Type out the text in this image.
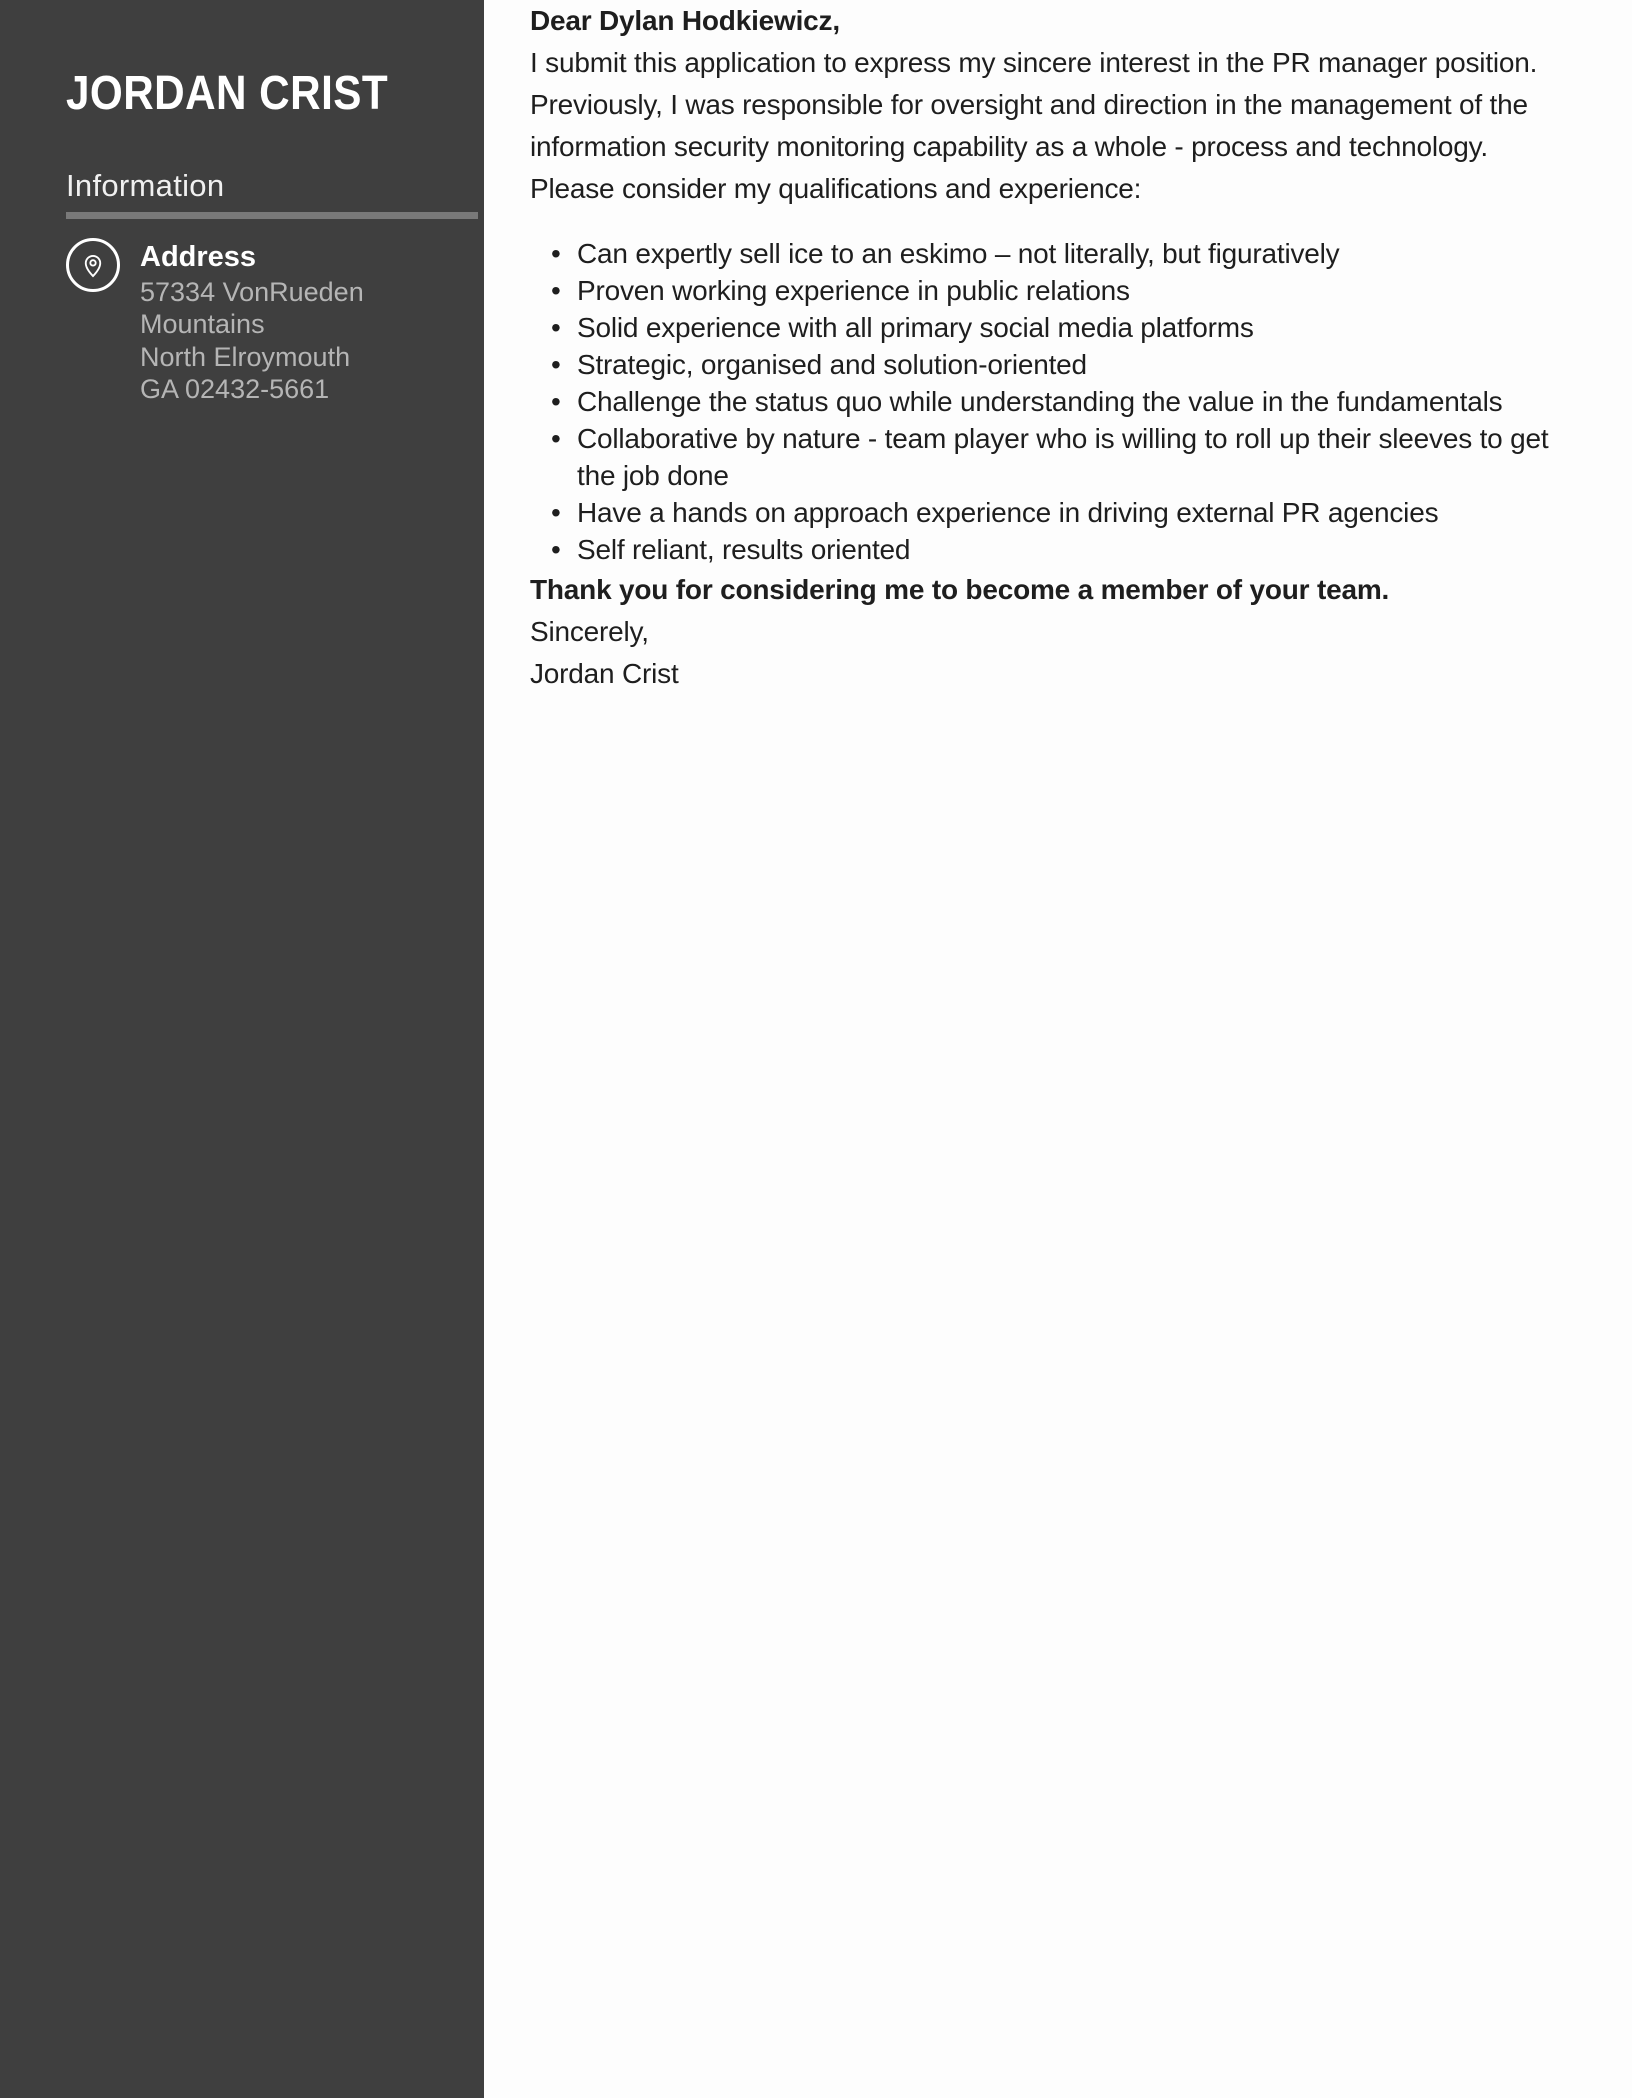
JORDAN CRIST
Information

Address

57334 VonRueden Mountains
North Elroymouth
GA 02432-5661

Dear Dylan Hodkiewicz,

I submit this application to express my sincere interest in the PR manager position.

Previously, I was responsible for oversight and direction in the management of the information security monitoring capability as a whole - process and technology.

Please consider my qualifications and experience:

• Can expertly sell ice to an eskimo – not literally, but figuratively
• Proven working experience in public relations
• Solid experience with all primary social media platforms
• Strategic, organised and solution-oriented
• Challenge the status quo while understanding the value in the fundamentals
• Collaborative by nature - team player who is willing to roll up their sleeves to get the job done
• Have a hands on approach experience in driving external PR agencies
• Self reliant, results oriented

Thank you for considering me to become a member of your team.

Sincerely,

Jordan Crist
